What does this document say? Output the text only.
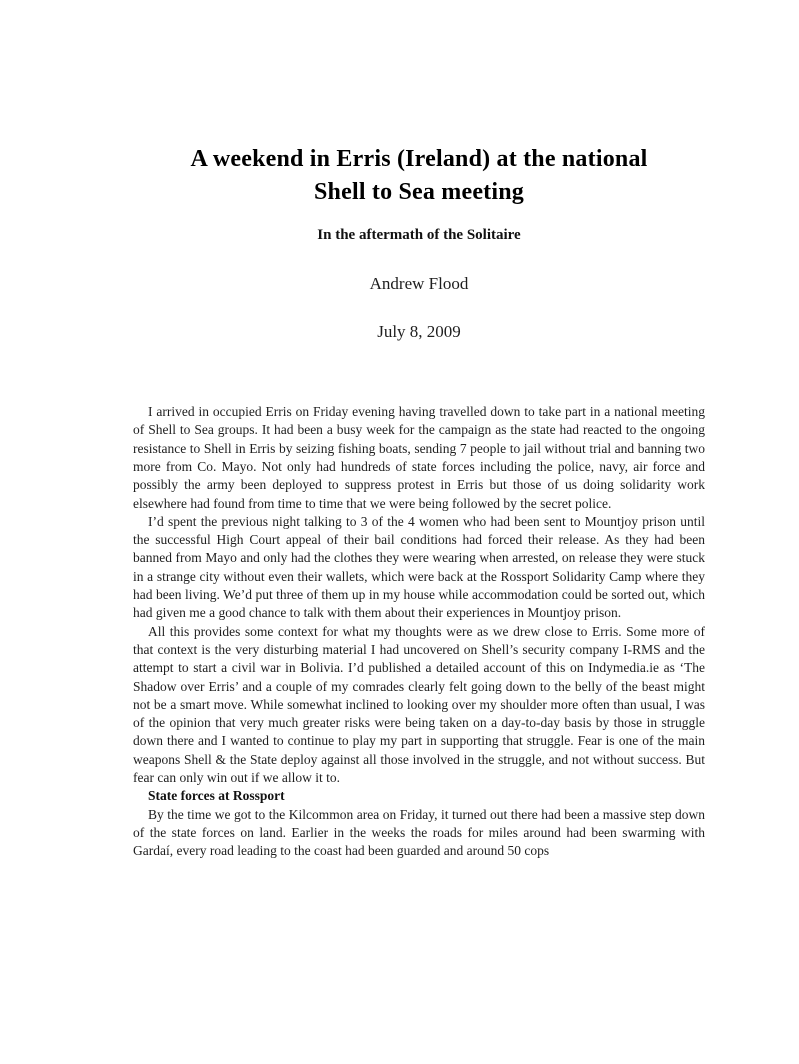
A weekend in Erris (Ireland) at the national
Shell to Sea meeting
In the aftermath of the Solitaire
Andrew Flood
July 8, 2009

I arrived in occupied Erris on Friday evening having travelled down to take part in a national meeting of Shell to Sea groups. It had been a busy week for the campaign as the state had reacted to the ongoing resistance to Shell in Erris by seizing fishing boats, sending 7 people to jail without trial and banning two more from Co. Mayo. Not only had hundreds of state forces including the police, navy, air force and possibly the army been deployed to suppress protest in Erris but those of us doing solidarity work elsewhere had found from time to time that we were being followed by the secret police.

I’d spent the previous night talking to 3 of the 4 women who had been sent to Mountjoy prison until the successful High Court appeal of their bail conditions had forced their release. As they had been banned from Mayo and only had the clothes they were wearing when arrested, on release they were stuck in a strange city without even their wallets, which were back at the Rossport Solidarity Camp where they had been living. We’d put three of them up in my house while accommodation could be sorted out, which had given me a good chance to talk with them about their experiences in Mountjoy prison.

All this provides some context for what my thoughts were as we drew close to Erris. Some more of that context is the very disturbing material I had uncovered on Shell’s security company I-RMS and the attempt to start a civil war in Bolivia. I’d published a detailed account of this on Indymedia.ie as ‘The Shadow over Erris’ and a couple of my comrades clearly felt going down to the belly of the beast might not be a smart move. While somewhat inclined to looking over my shoulder more often than usual, I was of the opinion that very much greater risks were being taken on a day-to-day basis by those in struggle down there and I wanted to continue to play my part in supporting that struggle. Fear is one of the main weapons Shell & the State deploy against all those involved in the struggle, and not without success. But fear can only win out if we allow it to.

State forces at Rossport

By the time we got to the Kilcommon area on Friday, it turned out there had been a massive step down of the state forces on land. Earlier in the weeks the roads for miles around had been swarming with Gardaí, every road leading to the coast had been guarded and around 50 cops
